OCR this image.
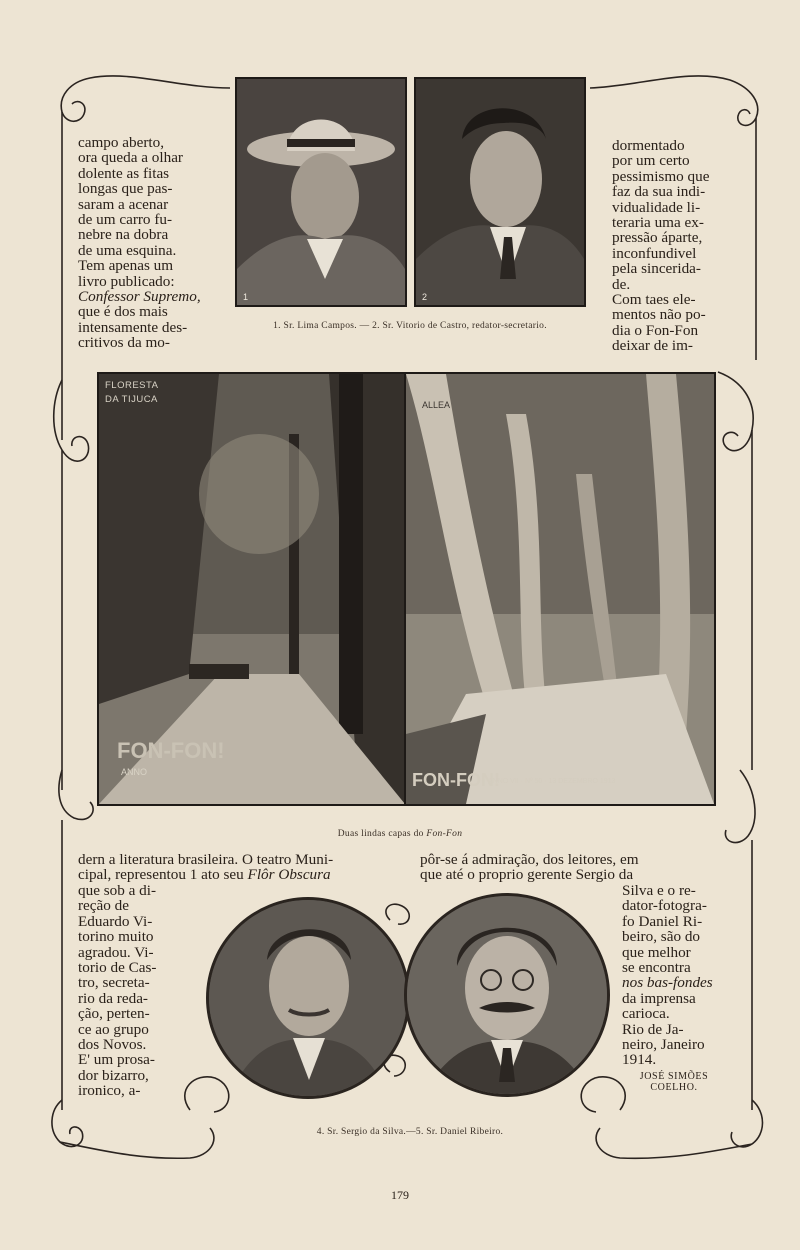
campo aberto,

ora queda a olhar

dolente as fitas

longas que pas-

saram a acenar

de um carro fu-

nebre na dobra

de uma esquina.

Tem apenas um

livro publicado:

Confessor Supremo,

que é dos mais

intensamente des-

critivos da mo-

1	2
1. Sr. Lima Campos. — 2. Sr. Vitorio de Castro, redator-secretario.

dormentado

por um certo

pessimismo que

faz da sua indi-

vidualidade li-

teraria uma ex-

pressão áparte,

inconfundivel

pela sincerida-

de.

Com taes ele-

mentos não po-

dia o Fon-Fon

deixar de im-

FLORESTA
DA TIJUCA
FON-FON!
ANNO
ALLEA
FON-FON!
ANNO VII · Nº 50 · 13 DEZEMBRO 1913
Duas lindas capas do Fon-Fon

dern a literatura brasileira. O teatro Muni-

cipal, representou 1 ato seu Flôr Obscura

pôr-se á admiração, dos leitores, em

que até o proprio gerente Sergio da

que sob a di-

reção de

Eduardo Vi-

torino muito

agradou. Vi-

torio de Cas-

tro, secreta-

rio da reda-

ção, perten-

ce ao grupo

dos Novos.

E' um prosa-

dor bizarro,

ironico, a-

Silva e o re-

dator-fotogra-

fo Daniel Ri-

beiro, são do

que melhor

se encontra

nos bas-fondes

da imprensa

carioca.

Rio de Ja-

neiro, Janeiro

1914.

JOSÉ SIMÕES
COELHO.
4. Sr. Sergio da Silva.—5. Sr. Daniel Ribeiro.
179
